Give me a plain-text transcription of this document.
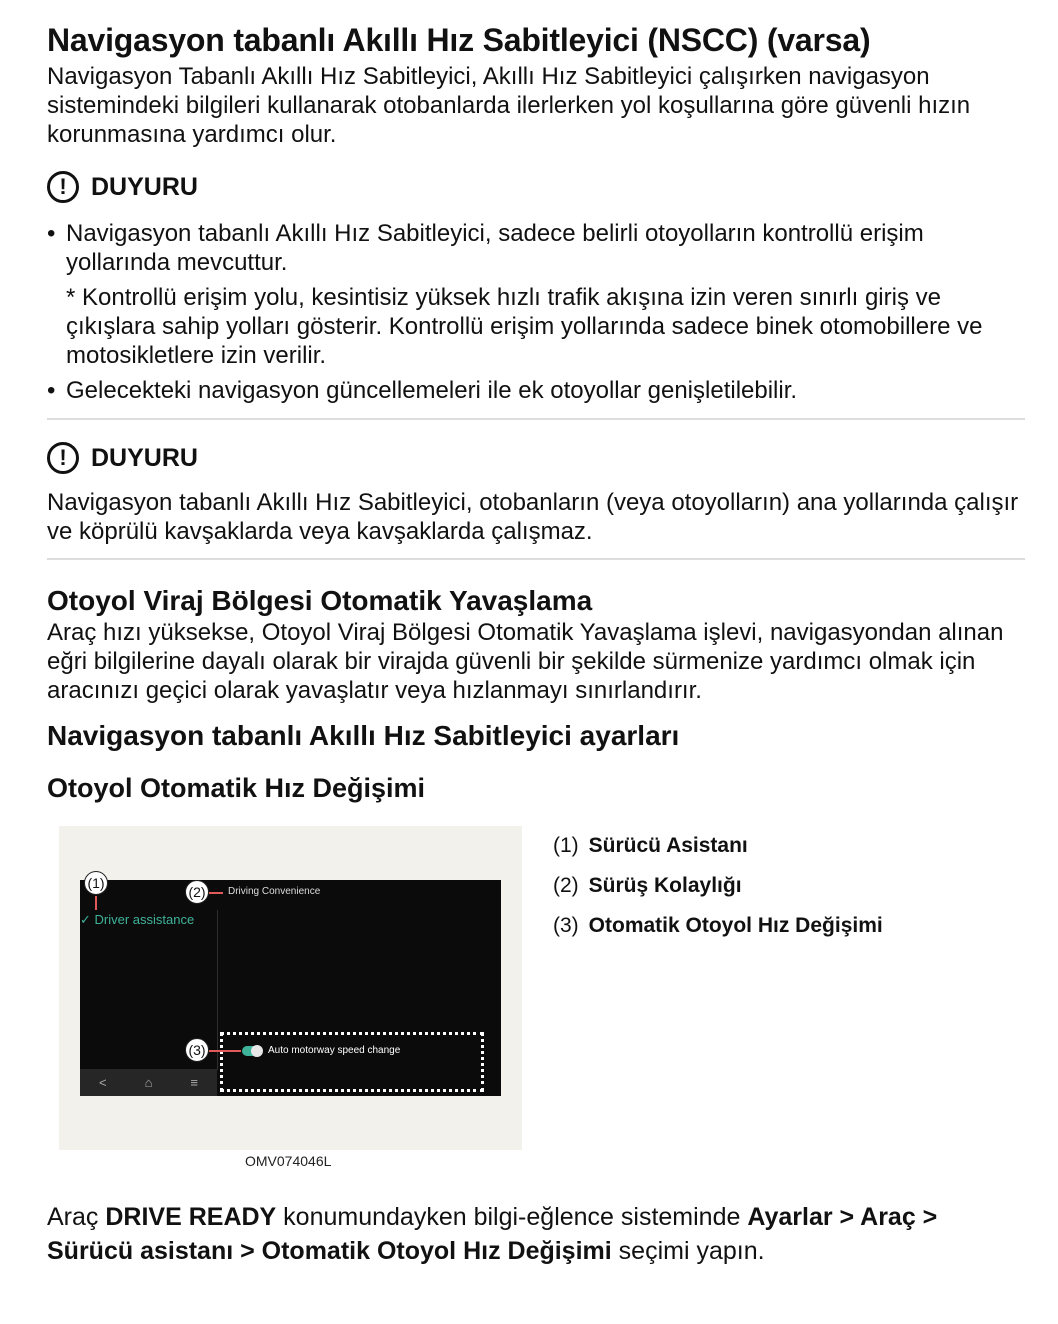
Navigasyon tabanlı Akıllı Hız Sabitleyici (NSCC) (varsa)

Navigasyon Tabanlı Akıllı Hız Sabitleyici, Akıllı Hız Sabitleyici çalışırken navigasyon sistemindeki bilgileri kullanarak otobanlarda ilerlerken yol koşullarına göre güvenli hızın korunmasına yardımcı olur.

! DUYURU
• Navigasyon tabanlı Akıllı Hız Sabitleyici, sadece belirli otoyolların kontrollü erişim yollarında mevcuttur.
* Kontrollü erişim yolu, kesintisiz yüksek hızlı trafik akışına izin veren sınırlı giriş ve çıkışlara sahip yolları gösterir. Kontrollü erişim yollarında sadece binek otomobillere ve motosikletlere izin verilir.
• Gelecekteki navigasyon güncellemeleri ile ek otoyollar genişletilebilir.
! DUYURU

Navigasyon tabanlı Akıllı Hız Sabitleyici, otobanların (veya otoyolların) ana yollarında çalışır ve köprülü kavşaklarda veya kavşaklarda çalışmaz.

Otoyol Viraj Bölgesi Otomatik Yavaşlama

Araç hızı yüksekse, Otoyol Viraj Bölgesi Otomatik Yavaşlama işlevi, navigasyondan alınan eğri bilgilerine dayalı olarak bir virajda güvenli bir şekilde sürmenize yardımcı olmak için aracınızı geçici olarak yavaşlatır veya hızlanmayı sınırlandırır.

Navigasyon tabanlı Akıllı Hız Sabitleyici ayarları
Otoyol Otomatik Hız Değişimi
✓ Driver assistance
Driving Convenience
Auto motorway speed change
<	⌂	≡
(1)
(2)
(3)
OMV074046L
(1) Sürücü Asistanı
(2) Sürüş Kolaylığı
(3) Otomatik Otoyol Hız Değişimi
Araç DRIVE READY konumundayken bilgi-eğlence sisteminde Ayarlar > Araç > Sürücü asistanı > Otomatik Otoyol Hız Değişimi seçimi yapın.
